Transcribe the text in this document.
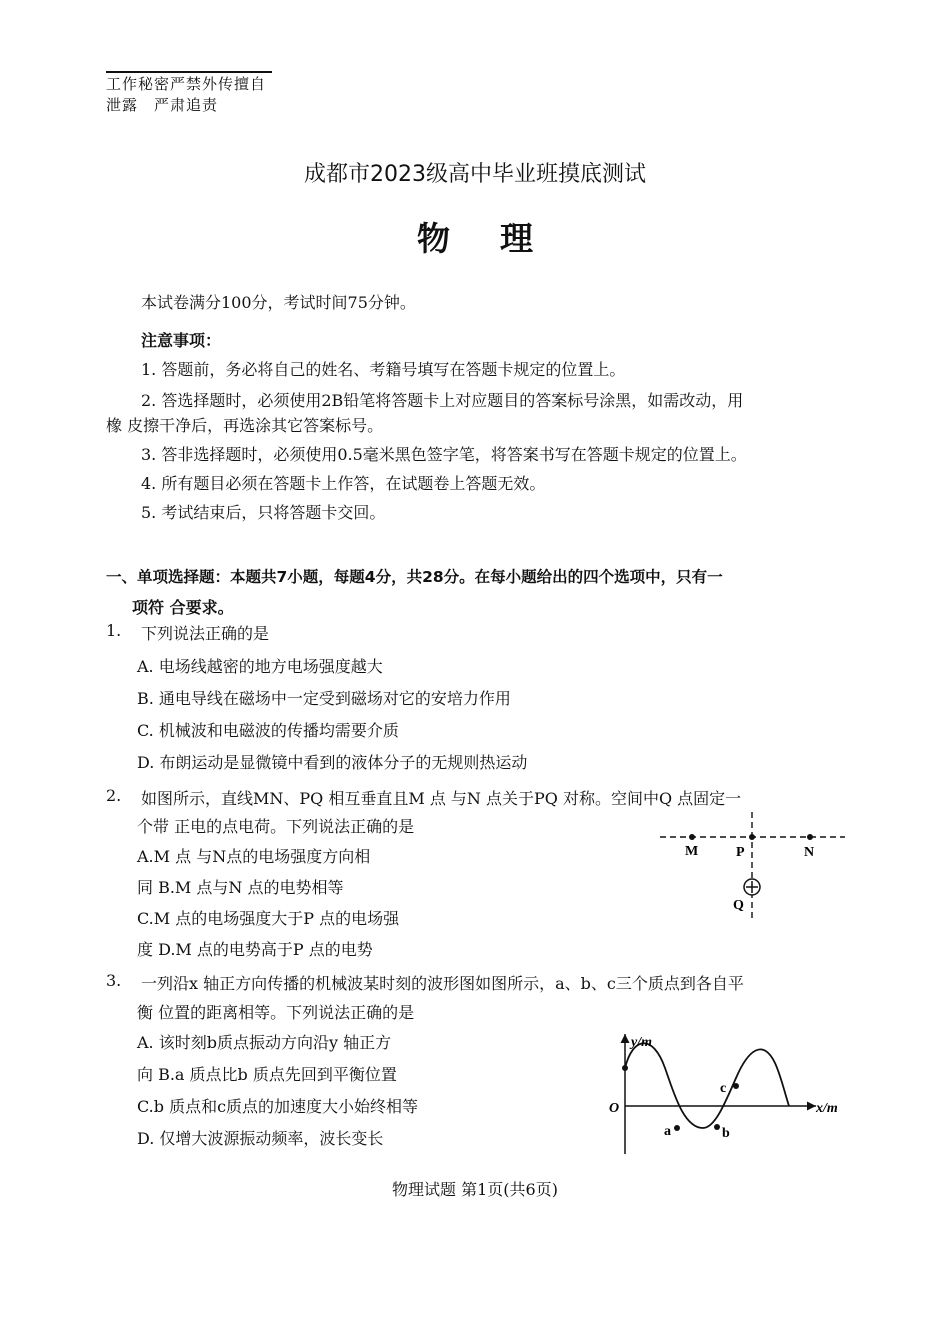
工作秘密严禁外传擅自泄露　严肃追责
成都市2023级高中毕业班摸底测试
物理
本试卷满分100分，考试时间75分钟。
注意事项：
1. 答题前，务必将自己的姓名、考籍号填写在答题卡规定的位置上。
2. 答选择题时，必须使用2B铅笔将答题卡上对应题目的答案标号涂黑，如需改动，用
橡 皮擦干净后，再选涂其它答案标号。
3. 答非选择题时，必须使用0.5毫米黑色签字笔，将答案书写在答题卡规定的位置上。
4. 所有题目必须在答题卡上作答，在试题卷上答题无效。
5. 考试结束后，只将答题卡交回。
一、单项选择题：本题共7小题，每题4分，共28分。在每小题给出的四个选项中，只有一
项符 合要求。
1. 下列说法正确的是
A. 电场线越密的地方电场强度越大
B. 通电导线在磁场中一定受到磁场对它的安培力作用
C. 机械波和电磁波的传播均需要介质
D. 布朗运动是显微镜中看到的液体分子的无规则热运动
2. 如图所示，直线MN、PQ 相互垂直且M 点 与N 点关于PQ 对称。空间中Q 点固定一
个带 正电的点电荷。下列说法正确的是
A.M 点 与N点的电场强度方向相
同 B.M 点与N 点的电势相等
C.M 点的电场强度大于P 点的电场强
度 D.M 点的电势高于P 点的电势
M	P	N
Q
3. 一列沿x 轴正方向传播的机械波某时刻的波形图如图所示，a、b、c三个质点到各自平
衡 位置的距离相等。下列说法正确的是
A. 该时刻b质点振动方向沿y 轴正方
向 B.a 质点比b 质点先回到平衡位置
C.b 质点和c质点的加速度大小始终相等
D. 仅增大波源振动频率，波长变长
y/m
x/m
O
a	b
c
物理试题 第1页(共6页)
